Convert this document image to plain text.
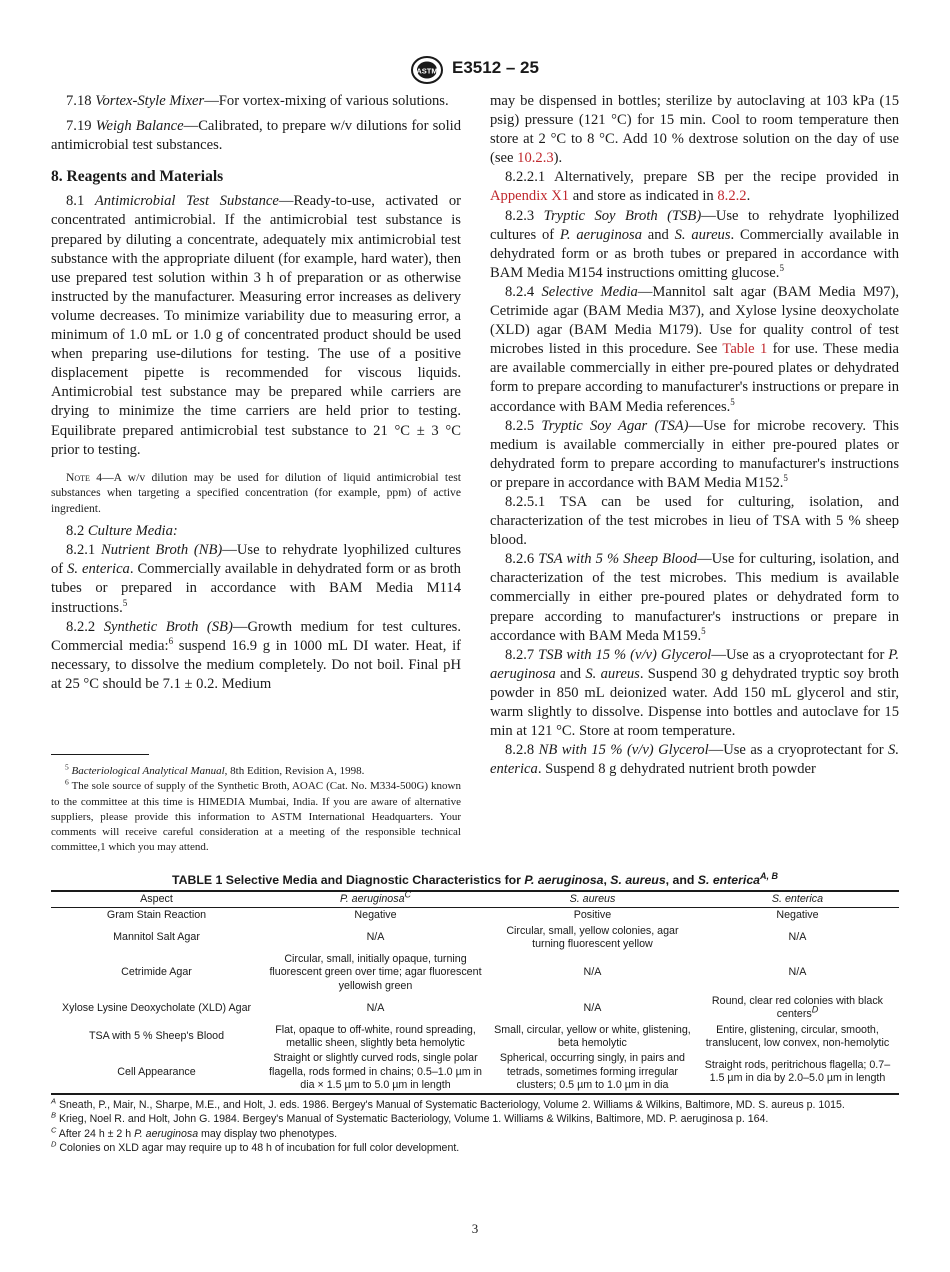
ASTM E3512 – 25

7.18 Vortex-Style Mixer—For vortex-mixing of various solutions.

7.19 Weigh Balance—Calibrated, to prepare w/v dilutions for solid antimicrobial test substances.

8. Reagents and Materials

8.1 Antimicrobial Test Substance—Ready-to-use, activated or concentrated antimicrobial. If the antimicrobial test substance is prepared by diluting a concentrate, adequately mix antimicrobial test substance with the appropriate diluent (for example, hard water), then use prepared test solution within 3 h of preparation or as otherwise instructed by the manufacturer. Measuring error increases as delivery volume decreases. To minimize variability due to measuring error, a minimum of 1.0 mL or 1.0 g of concentrated product should be used when preparing use-dilutions for testing. The use of a positive displacement pipette is recommended for viscous liquids. Antimicrobial test substance may be prepared while carriers are drying to minimize the time carriers are held prior to testing. Equilibrate prepared antimicrobial test substance to 21 °C ± 3 °C prior to testing.

Note 4—A w/v dilution may be used for dilution of liquid antimicrobial test substances when targeting a specified concentration (for example, ppm) of active ingredient.

8.2 Culture Media:

8.2.1 Nutrient Broth (NB)—Use to rehydrate lyophilized cultures of S. enterica. Commercially available in dehydrated form or as broth tubes or prepared in accordance with BAM Media M114 instructions.$^5$

8.2.2 Synthetic Broth (SB)—Growth medium for test cultures. Commercial media:$^6$ suspend 16.9 g in 1000 mL DI water. Heat, if necessary, to dissolve the medium completely. Do not boil. Final pH at 25 °C should be 7.1 ± 0.2. Medium

$^5$ Bacteriological Analytical Manual, 8th Edition, Revision A, 1998.

$^6$ The sole source of supply of the Synthetic Broth, AOAC (Cat. No. M334-500G) known to the committee at this time is HIMEDIA Mumbai, India. If you are aware of alternative suppliers, please provide this information to ASTM International Headquarters. Your comments will receive careful consideration at a meeting of the responsible technical committee,1 which you may attend.

may be dispensed in bottles; sterilize by autoclaving at 103 kPa (15 psig) pressure (121 °C) for 15 min. Cool to room temperature then store at 2 °C to 8 °C. Add 10 % dextrose solution on the day of use (see 10.2.3).

8.2.2.1 Alternatively, prepare SB per the recipe provided in Appendix X1 and store as indicated in 8.2.2.

8.2.3 Tryptic Soy Broth (TSB)—Use to rehydrate lyophilized cultures of P. aeruginosa and S. aureus. Commercially available in dehydrated form or as broth tubes or prepared in accordance with BAM Media M154 instructions omitting glucose.$^5$

8.2.4 Selective Media—Mannitol salt agar (BAM Media M97), Cetrimide agar (BAM Media M37), and Xylose lysine deoxycholate (XLD) agar (BAM Media M179). Use for quality control of test microbes listed in this procedure. See Table 1 for use. These media are available commercially in either pre-poured plates or dehydrated form to prepare according to manufacturer's instructions or prepare in accordance with BAM Media references.$^5$

8.2.5 Tryptic Soy Agar (TSA)—Use for microbe recovery. This medium is available commercially in either pre-poured plates or dehydrated form to prepare according to manufacturer's instructions or prepare in accordance with BAM Media M152.$^5$

8.2.5.1 TSA can be used for culturing, isolation, and characterization of the test microbes in lieu of TSA with 5 % sheep blood.

8.2.6 TSA with 5 % Sheep Blood—Use for culturing, isolation, and characterization of the test microbes. This medium is available commercially in either pre-poured plates or dehydrated form to prepare according to manufacturer's instructions or prepare in accordance with BAM Meda M159.$^5$

8.2.7 TSB with 15 % (v/v) Glycerol—Use as a cryoprotectant for P. aeruginosa and S. aureus. Suspend 30 g dehydrated tryptic soy broth powder in 850 mL deionized water. Add 150 mL glycerol and stir, warm slightly to dissolve. Dispense into bottles and autoclave for 15 min at 121 °C. Store at room temperature.

8.2.8 NB with 15 % (v/v) Glycerol—Use as a cryoprotectant for S. enterica. Suspend 8 g dehydrated nutrient broth powder

TABLE 1 Selective Media and Diagnostic Characteristics for P. aeruginosa, S. aureus, and S. enterica$^{A, B}$
Aspect	P. aeruginosa$^C$	S. aureus	S. enterica
Gram Stain Reaction	Negative	Positive	Negative
Mannitol Salt Agar	N/A	Circular, small, yellow colonies, agar turning fluorescent yellow	N/A
Cetrimide Agar	Circular, small, initially opaque, turning fluorescent green over time; agar fluorescent yellowish green	N/A	N/A
Xylose Lysine Deoxycholate (XLD) Agar	N/A	N/A	Round, clear red colonies with black centers$^D$
TSA with 5 % Sheep's Blood	Flat, opaque to off-white, round spreading, metallic sheen, slightly beta hemolytic	Small, circular, yellow or white, glistening, beta hemolytic	Entire, glistening, circular, smooth, translucent, low convex, non-hemolytic
Cell Appearance	Straight or slightly curved rods, single polar flagella, rods formed in chains; 0.5–1.0 µm in dia × 1.5 µm to 5.0 µm in length	Spherical, occurring singly, in pairs and tetrads, sometimes forming irregular clusters; 0.5 µm to 1.0 µm in dia	Straight rods, peritrichous flagella; 0.7–1.5 µm in dia by 2.0–5.0 µm in length
$^A$ Sneath, P., Mair, N., Sharpe, M.E., and Holt, J. eds. 1986. Bergey's Manual of Systematic Bacteriology, Volume 2. Williams & Wilkins, Baltimore, MD. S. aureus p. 1015.
$^B$ Krieg, Noel R. and Holt, John G. 1984. Bergey's Manual of Systematic Bacteriology, Volume 1. Williams & Wilkins, Baltimore, MD. P. aeruginosa p. 164.
$^C$ After 24 h ± 2 h P. aeruginosa may display two phenotypes.
$^D$ Colonies on XLD agar may require up to 48 h of incubation for full color development.
3
